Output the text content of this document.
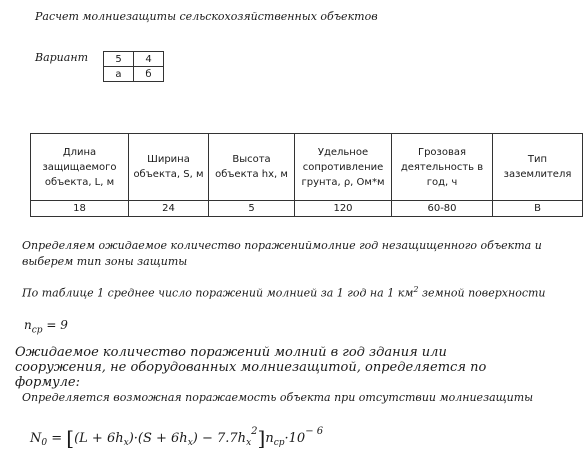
Расчет молниезащиты сельскохозяйственных объектов
Вариант	5	4
а	б
Длина защищаемого объекта, L, м	Ширина объекта, S, м	Высота объекта hx, м	Удельное сопротивление грунта, ρ, Ом*м	Грозовая деятельность в год, ч	Тип заземлителя
18	24	5	120	60-80	В
Определяем ожидаемое количество поражениймолние год незащищенного объекта и выберем тип зоны защиты
По таблице 1 среднее число поражений молнией за 1 год на 1 $км^2$ земной поверхности
$n_{ср} = 9$
Ожидаемое количество поражений молний в год здания или сооружения, не оборудованных молниезащитой, определяется по формуле:
Определяется возможная поражаемость объекта при отсутствии молниезащиты
$N_0 = [(L + 6h_x)\cdot(S + 6h_x) - 7.7h_x^2]n_{ср}\cdot 10^{- 6}$
